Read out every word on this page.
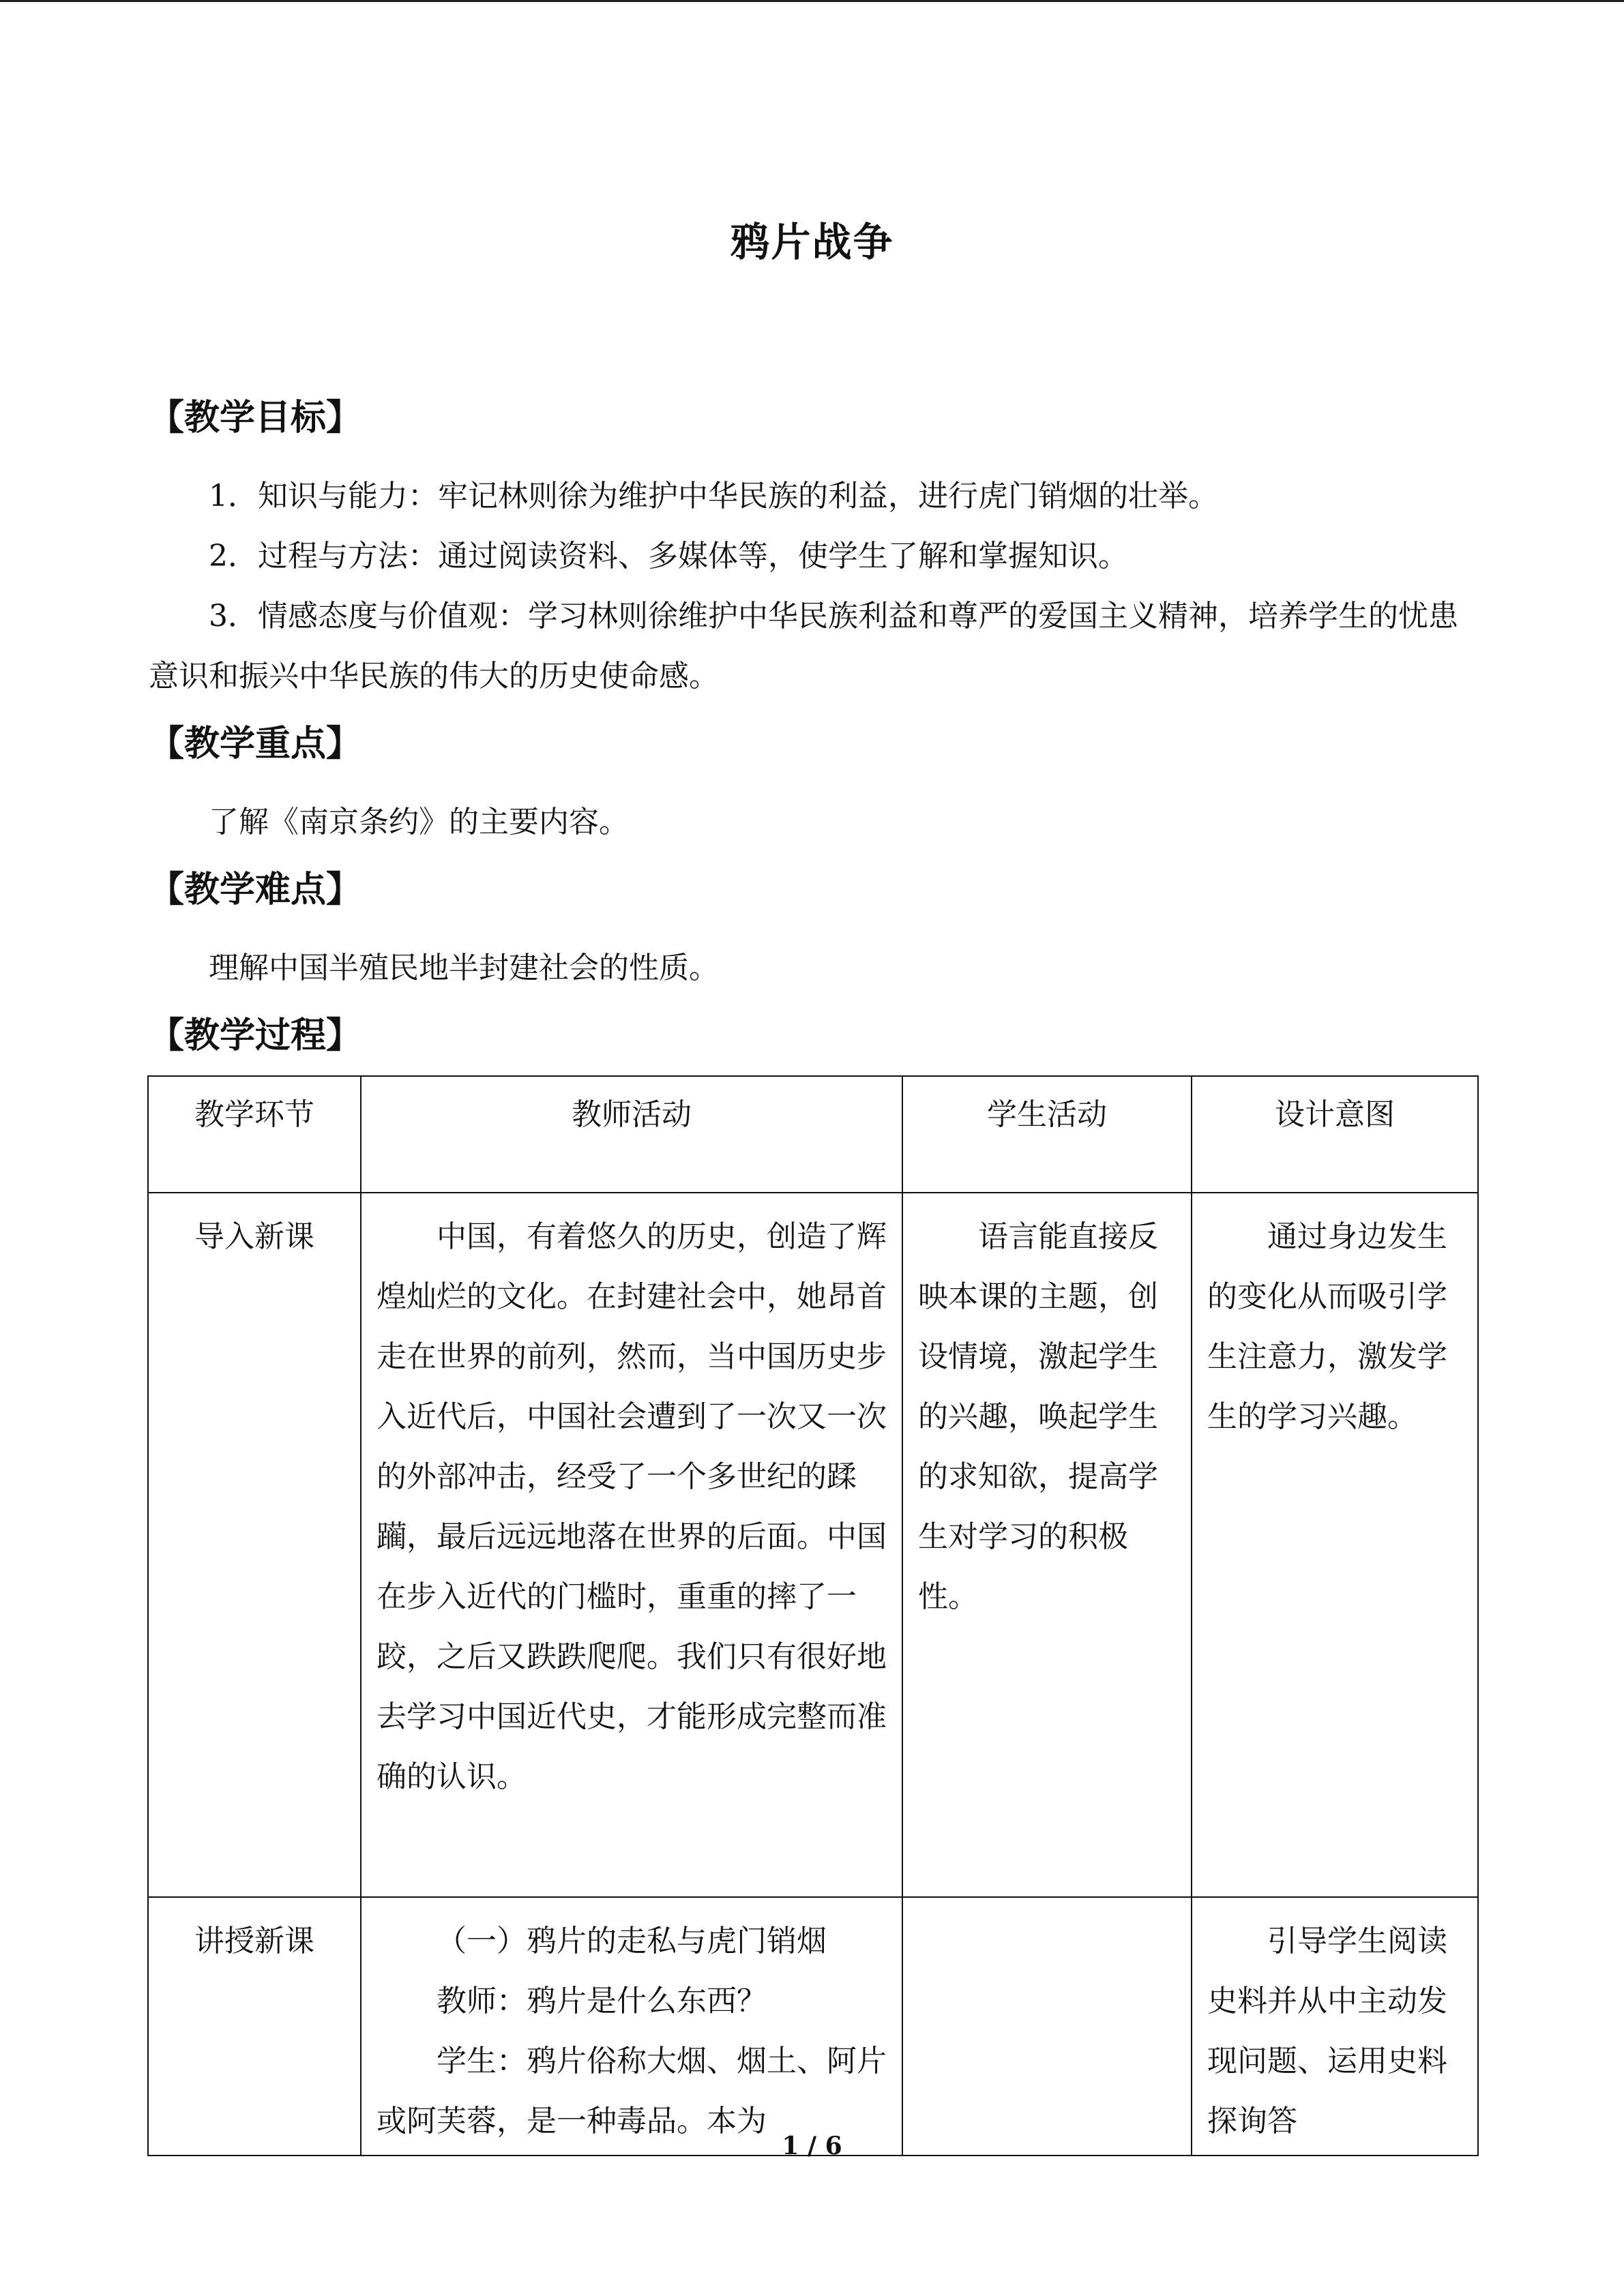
鸦片战争
【教学目标】
1．知识与能力：牢记林则徐为维护中华民族的利益，进行虎门销烟的壮举。
2．过程与方法：通过阅读资料、多媒体等，使学生了解和掌握知识。
3．情感态度与价值观：学习林则徐维护中华民族利益和尊严的爱国主义精神，培养学生的忧患意识和振兴中华民族的伟大的历史使命感。
【教学重点】
了解《南京条约》的主要内容。
【教学难点】
理解中国半殖民地半封建社会的性质。
【教学过程】
教学环节	教师活动	学生活动	设计意图
导入新课	中国，有着悠久的历史，创造了辉煌灿烂的文化。在封建社会中，她昂首走在世界的前列，然而，当中国历史步入近代后，中国社会遭到了一次又一次的外部冲击，经受了一个多世纪的蹂躏，最后远远地落在世界的后面。中国在步入近代的门槛时，重重的摔了一跤，之后又跌跌爬爬。我们只有很好地去学习中国近代史，才能形成完整而准确的认识。	语言能直接反映本课的主题，创设情境，激起学生的兴趣，唤起学生的求知欲，提高学生对学习的积极性。	通过身边发生的变化从而吸引学生注意力，激发学生的学习兴趣。
讲授新课	（一）鸦片的走私与虎门销烟
教师：鸦片是什么东西？
学生：鸦片俗称大烟、烟土、阿片或阿芙蓉，是一种毒品。本为		引导学生阅读史料并从中主动发现问题、运用史料探询答
1 / 6
